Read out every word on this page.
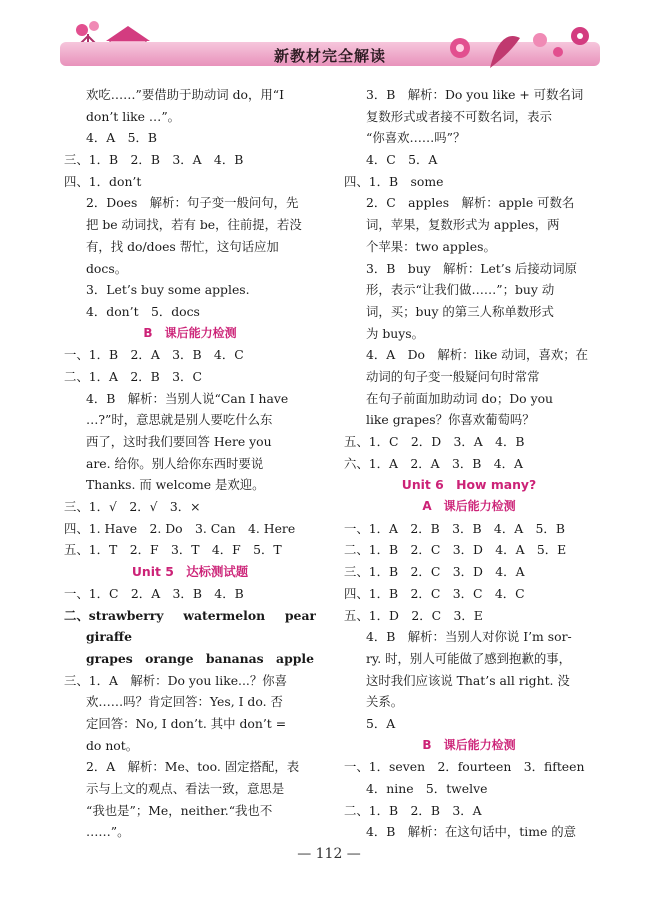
新教材完全解读
欢吃……”要借助于助动词 do，用“I
don’t like …”。
4．A　5．B
三、1．B　2．B　3．A　4．B
四、1．don’t
2．Does　解析：句子变一般问句，先
把 be 动词找，若有 be，往前提，若没
有，找 do/does 帮忙，这句话应加
docs。
3．Let’s buy some apples.
4．don’t　5．docs
B　课后能力检测
一、1．B　2．A　3．B　4．C
二、1．A　2．B　3．C
4．B　解析：当别人说“Can I have
…?”时，意思就是别人要吃什么东
西了，这时我们要回答 Here you
are. 给你。别人给你东西时要说
Thanks. 而 welcome 是欢迎。
三、1．√　2．√　3．×
四、1. Have　2. Do　3. Can　4. Here
五、1．T　2．F　3．T　4．F　5．T
Unit 5　达标测试题
一、1．C　2．A　3．B　4．B
二、strawberry watermelon pear
giraffe
grapes　orange　bananas　apple
三、1．A　解析：Do you like...？你喜
欢……吗？肯定回答：Yes, I do. 否
定回答：No, I don’t. 其中 don’t =
do not。
2．A　解析：Me、too. 固定搭配，表
示与上文的观点、看法一致，意思是
“我也是”；Me，neither.“我也不
……”。
3．B　解析：Do you like + 可数名词
复数形式或者接不可数名词，表示
“你喜欢……吗”？
4．C　5．A
四、1．B　some
2．C　apples　解析：apple 可数名
词，苹果，复数形式为 apples，两
个苹果：two apples。
3．B　buy　解析：Let’s 后接动词原
形，表示“让我们做……”；buy 动
词，买；buy 的第三人称单数形式
为 buys。
4．A　Do　解析：like 动词，喜欢；在
动词的句子变一般疑问句时常常
在句子前面加助动词 do；Do you
like grapes？你喜欢葡萄吗？
五、1．C　2．D　3．A　4．B
六、1．A　2．A　3．B　4．A
Unit 6　How many?
A　课后能力检测
一、1．A　2．B　3．B　4．A　5．B
二、1．B　2．C　3．D　4．A　5．E
三、1．B　2．C　3．D　4．A
四、1．B　2．C　3．C　4．C
五、1．D　2．C　3．E
4．B　解析：当别人对你说 I’m sor-
ry. 时，别人可能做了感到抱歉的事，
这时我们应该说 That’s all right. 没
关系。
5．A
B　课后能力检测
一、1．seven　2．fourteen　3．fifteen
4．nine　5．twelve
二、1．B　2．B　3．A
4．B　解析：在这句话中，time 的意
— 112 —
